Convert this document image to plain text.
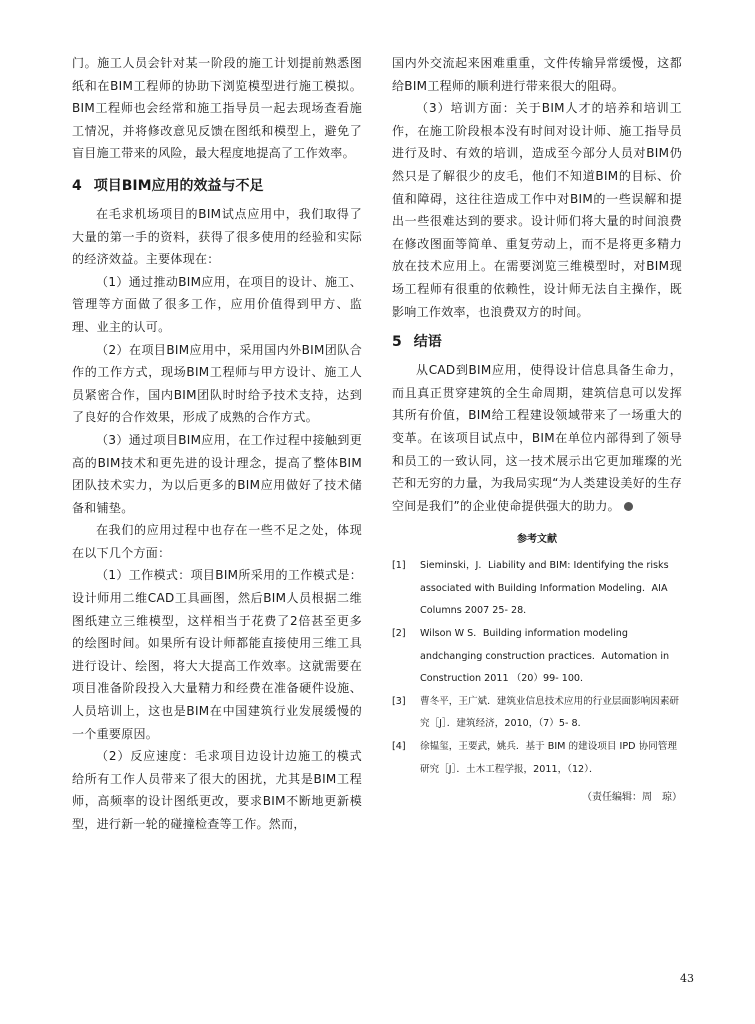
门。施工人员会针对某一阶段的施工计划提前熟悉图纸和在BIM工程师的协助下浏览模型进行施工模拟。BIM工程师也会经常和施工指导员一起去现场查看施工情况，并将修改意见反馈在图纸和模型上，避免了盲目施工带来的风险，最大程度地提高了工作效率。

4 项目BIM应用的效益与不足

在毛求机场项目的BIM试点应用中，我们取得了大量的第一手的资料，获得了很多使用的经验和实际的经济效益。主要体现在：

（1）通过推动BIM应用，在项目的设计、施工、管理等方面做了很多工作，应用价值得到甲方、监理、业主的认可。

（2）在项目BIM应用中，采用国内外BIM团队合作的工作方式，现场BIM工程师与甲方设计、施工人员紧密合作，国内BIM团队时时给予技术支持，达到了良好的合作效果，形成了成熟的合作方式。

（3）通过项目BIM应用，在工作过程中接触到更高的BIM技术和更先进的设计理念，提高了整体BIM团队技术实力，为以后更多的BIM应用做好了技术储备和铺垫。

在我们的应用过程中也存在一些不足之处，体现在以下几个方面：

（1）工作模式：项目BIM所采用的工作模式是：设计师用二维CAD工具画图，然后BIM人员根据二维图纸建立三维模型，这样相当于花费了2倍甚至更多的绘图时间。如果所有设计师都能直接使用三维工具进行设计、绘图，将大大提高工作效率。这就需要在项目准备阶段投入大量精力和经费在准备硬件设施、人员培训上，这也是BIM在中国建筑行业发展缓慢的一个重要原因。

（2）反应速度：毛求项目边设计边施工的模式给所有工作人员带来了很大的困扰，尤其是BIM工程师，高频率的设计图纸更改，要求BIM不断地更新模型，进行新一轮的碰撞检查等工作。然而，

国内外交流起来困难重重，文件传输异常缓慢，这都给BIM工程师的顺利进行带来很大的阻碍。

（3）培训方面：关于BIM人才的培养和培训工作，在施工阶段根本没有时间对设计师、施工指导员进行及时、有效的培训，造成至今部分人员对BIM仍然只是了解很少的皮毛，他们不知道BIM的目标、价值和障碍，这往往造成工作中对BIM的一些误解和提出一些很难达到的要求。设计师们将大量的时间浪费在修改图面等简单、重复劳动上，而不是将更多精力放在技术应用上。在需要浏览三维模型时，对BIM现场工程师有很重的依赖性，设计师无法自主操作，既影响工作效率，也浪费双方的时间。

5 结语

从CAD到BIM应用，使得设计信息具备生命力，而且真正贯穿建筑的全生命周期，建筑信息可以发挥其所有价值，BIM给工程建设领域带来了一场重大的变革。在该项目试点中，BIM在单位内部得到了领导和员工的一致认同，这一技术展示出它更加璀璨的光芒和无穷的力量，为我局实现“为人类建设美好的生存空间是我们”的企业使命提供强大的助力。

参考文献
[1]	Sieminski，J．Liability and BIM: Identifying the risks associated with Building Information Modeling．AIA Columns 2007 25- 28．
[2]	Wilson W S．Building information modeling andchanging construction practices．Automation in Construction 2011 （20）99- 100．
[3]	曹冬平，王广斌．建筑业信息技术应用的行业层面影响因素研究［J］．建筑经济，2010，（7）5- 8．
[4]	徐韫玺，王要武，姚兵．基于 BIM 的建设项目 IPD 协同管理研究［J］．土木工程学报，2011，（12）．
（责任编辑：周　琼）
43
